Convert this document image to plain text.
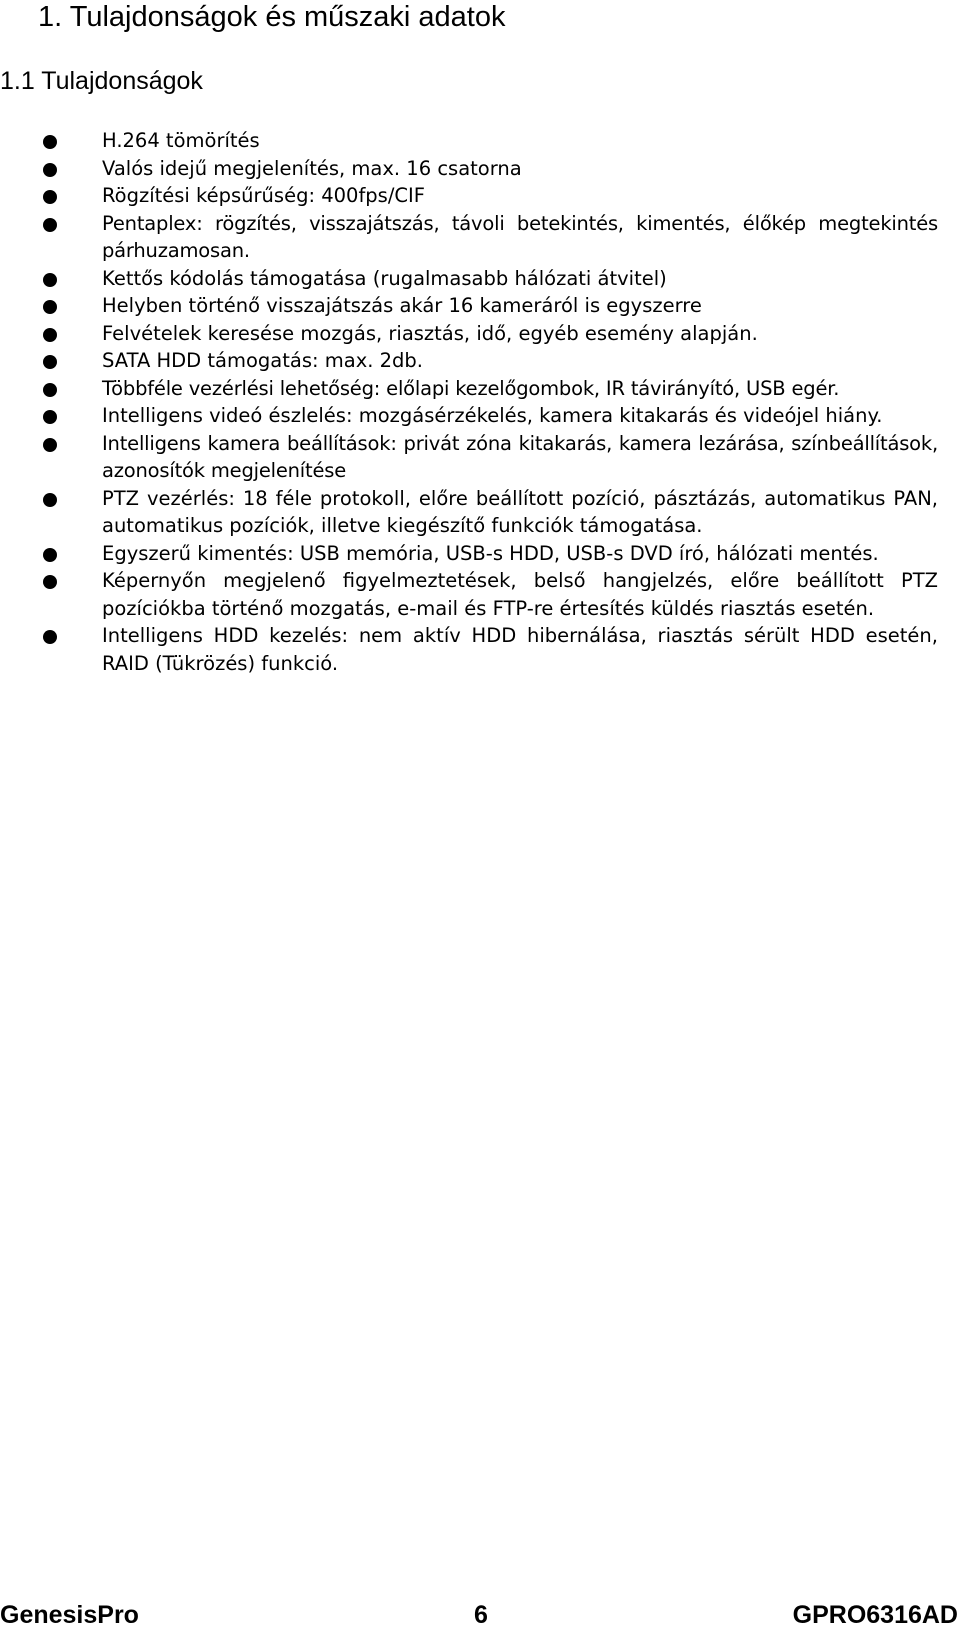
1. Tulajdonságok és műszaki adatok
1.1 Tulajdonságok
H.264 tömörítés
Valós idejű megjelenítés, max. 16 csatorna
Rögzítési képsűrűség: 400fps/CIF
Pentaplex: rögzítés, visszajátszás, távoli betekintés, kimentés, élőkép megtekintés párhuzamosan.
Kettős kódolás támogatása (rugalmasabb hálózati átvitel)
Helyben történő visszajátszás akár 16 kameráról is egyszerre
Felvételek keresése mozgás, riasztás, idő, egyéb esemény alapján.
SATA HDD támogatás: max. 2db.
Többféle vezérlési lehetőség: előlapi kezelőgombok, IR távirányító, USB egér.
Intelligens videó észlelés: mozgásérzékelés, kamera kitakarás és videójel hiány.
Intelligens kamera beállítások: privát zóna kitakarás, kamera lezárása, színbeállítások, azonosítók megjelenítése
PTZ vezérlés: 18 féle protokoll, előre beállított pozíció, pásztázás, automatikus PAN, automatikus pozíciók, illetve kiegészítő funkciók támogatása.
Egyszerű kimentés: USB memória, USB-s HDD, USB-s DVD író, hálózati mentés.
Képernyőn megjelenő figyelmeztetések, belső hangjelzés, előre beállított PTZ pozíciókba történő mozgatás, e-mail és FTP-re értesítés küldés riasztás esetén.
Intelligens HDD kezelés: nem aktív HDD hibernálása, riasztás sérült HDD esetén, RAID (Tükrözés) funkció.
GenesisPro	6	GPRO6316AD
